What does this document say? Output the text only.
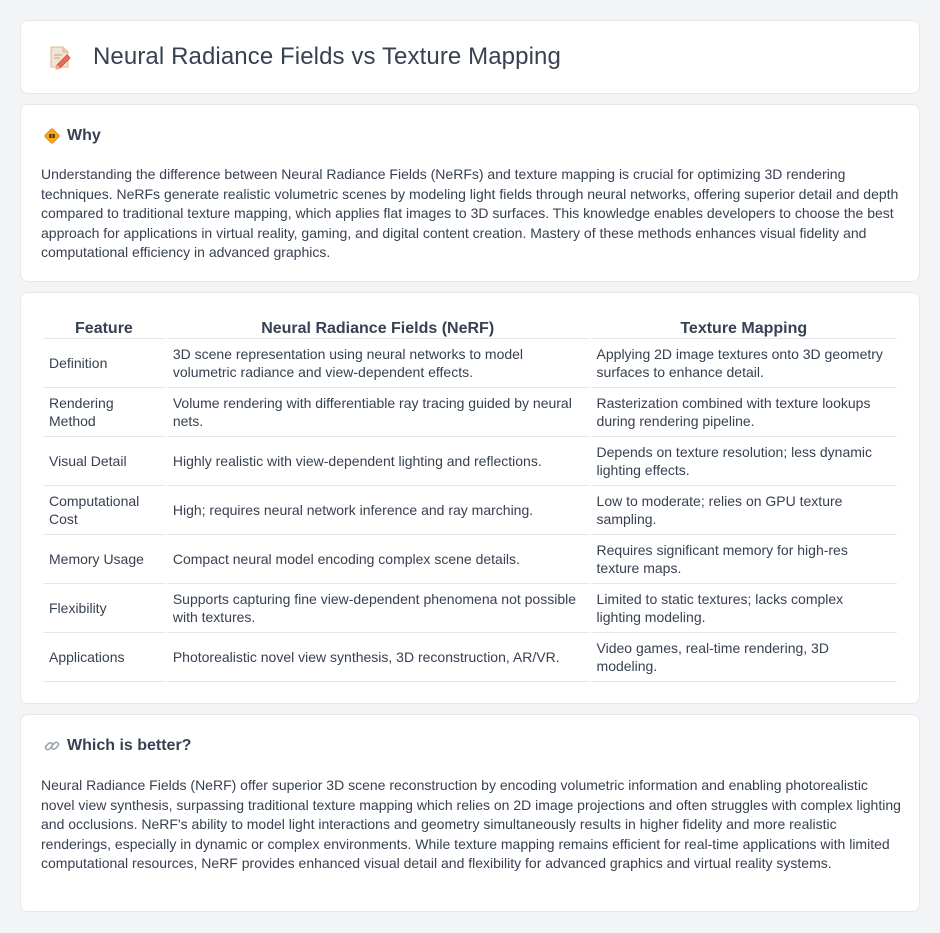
Neural Radiance Fields vs Texture Mapping
Why

Understanding the difference between Neural Radiance Fields (NeRFs) and texture mapping is crucial for optimizing 3D rendering techniques. NeRFs generate realistic volumetric scenes by modeling light fields through neural networks, offering superior detail and depth compared to traditional texture mapping, which applies flat images to 3D surfaces. This knowledge enables developers to choose the best approach for applications in virtual reality, gaming, and digital content creation. Mastery of these methods enhances visual fidelity and computational efficiency in advanced graphics.

Feature	Neural Radiance Fields (NeRF)	Texture Mapping
Definition	3D scene representation using neural networks to model volumetric radiance and view-dependent effects.	Applying 2D image textures onto 3D geometry surfaces to enhance detail.
Rendering Method	Volume rendering with differentiable ray tracing guided by neural nets.	Rasterization combined with texture lookups during rendering pipeline.
Visual Detail	Highly realistic with view-dependent lighting and reflections.	Depends on texture resolution; less dynamic lighting effects.
Computational Cost	High; requires neural network inference and ray marching.	Low to moderate; relies on GPU texture sampling.
Memory Usage	Compact neural model encoding complex scene details.	Requires significant memory for high-res texture maps.
Flexibility	Supports capturing fine view-dependent phenomena not possible with textures.	Limited to static textures; lacks complex lighting modeling.
Applications	Photorealistic novel view synthesis, 3D reconstruction, AR/VR.	Video games, real-time rendering, 3D modeling.
Which is better?

Neural Radiance Fields (NeRF) offer superior 3D scene reconstruction by encoding volumetric information and enabling photorealistic novel view synthesis, surpassing traditional texture mapping which relies on 2D image projections and often struggles with complex lighting and occlusions. NeRF's ability to model light interactions and geometry simultaneously results in higher fidelity and more realistic renderings, especially in dynamic or complex environments. While texture mapping remains efficient for real-time applications with limited computational resources, NeRF provides enhanced visual detail and flexibility for advanced graphics and virtual reality systems.
